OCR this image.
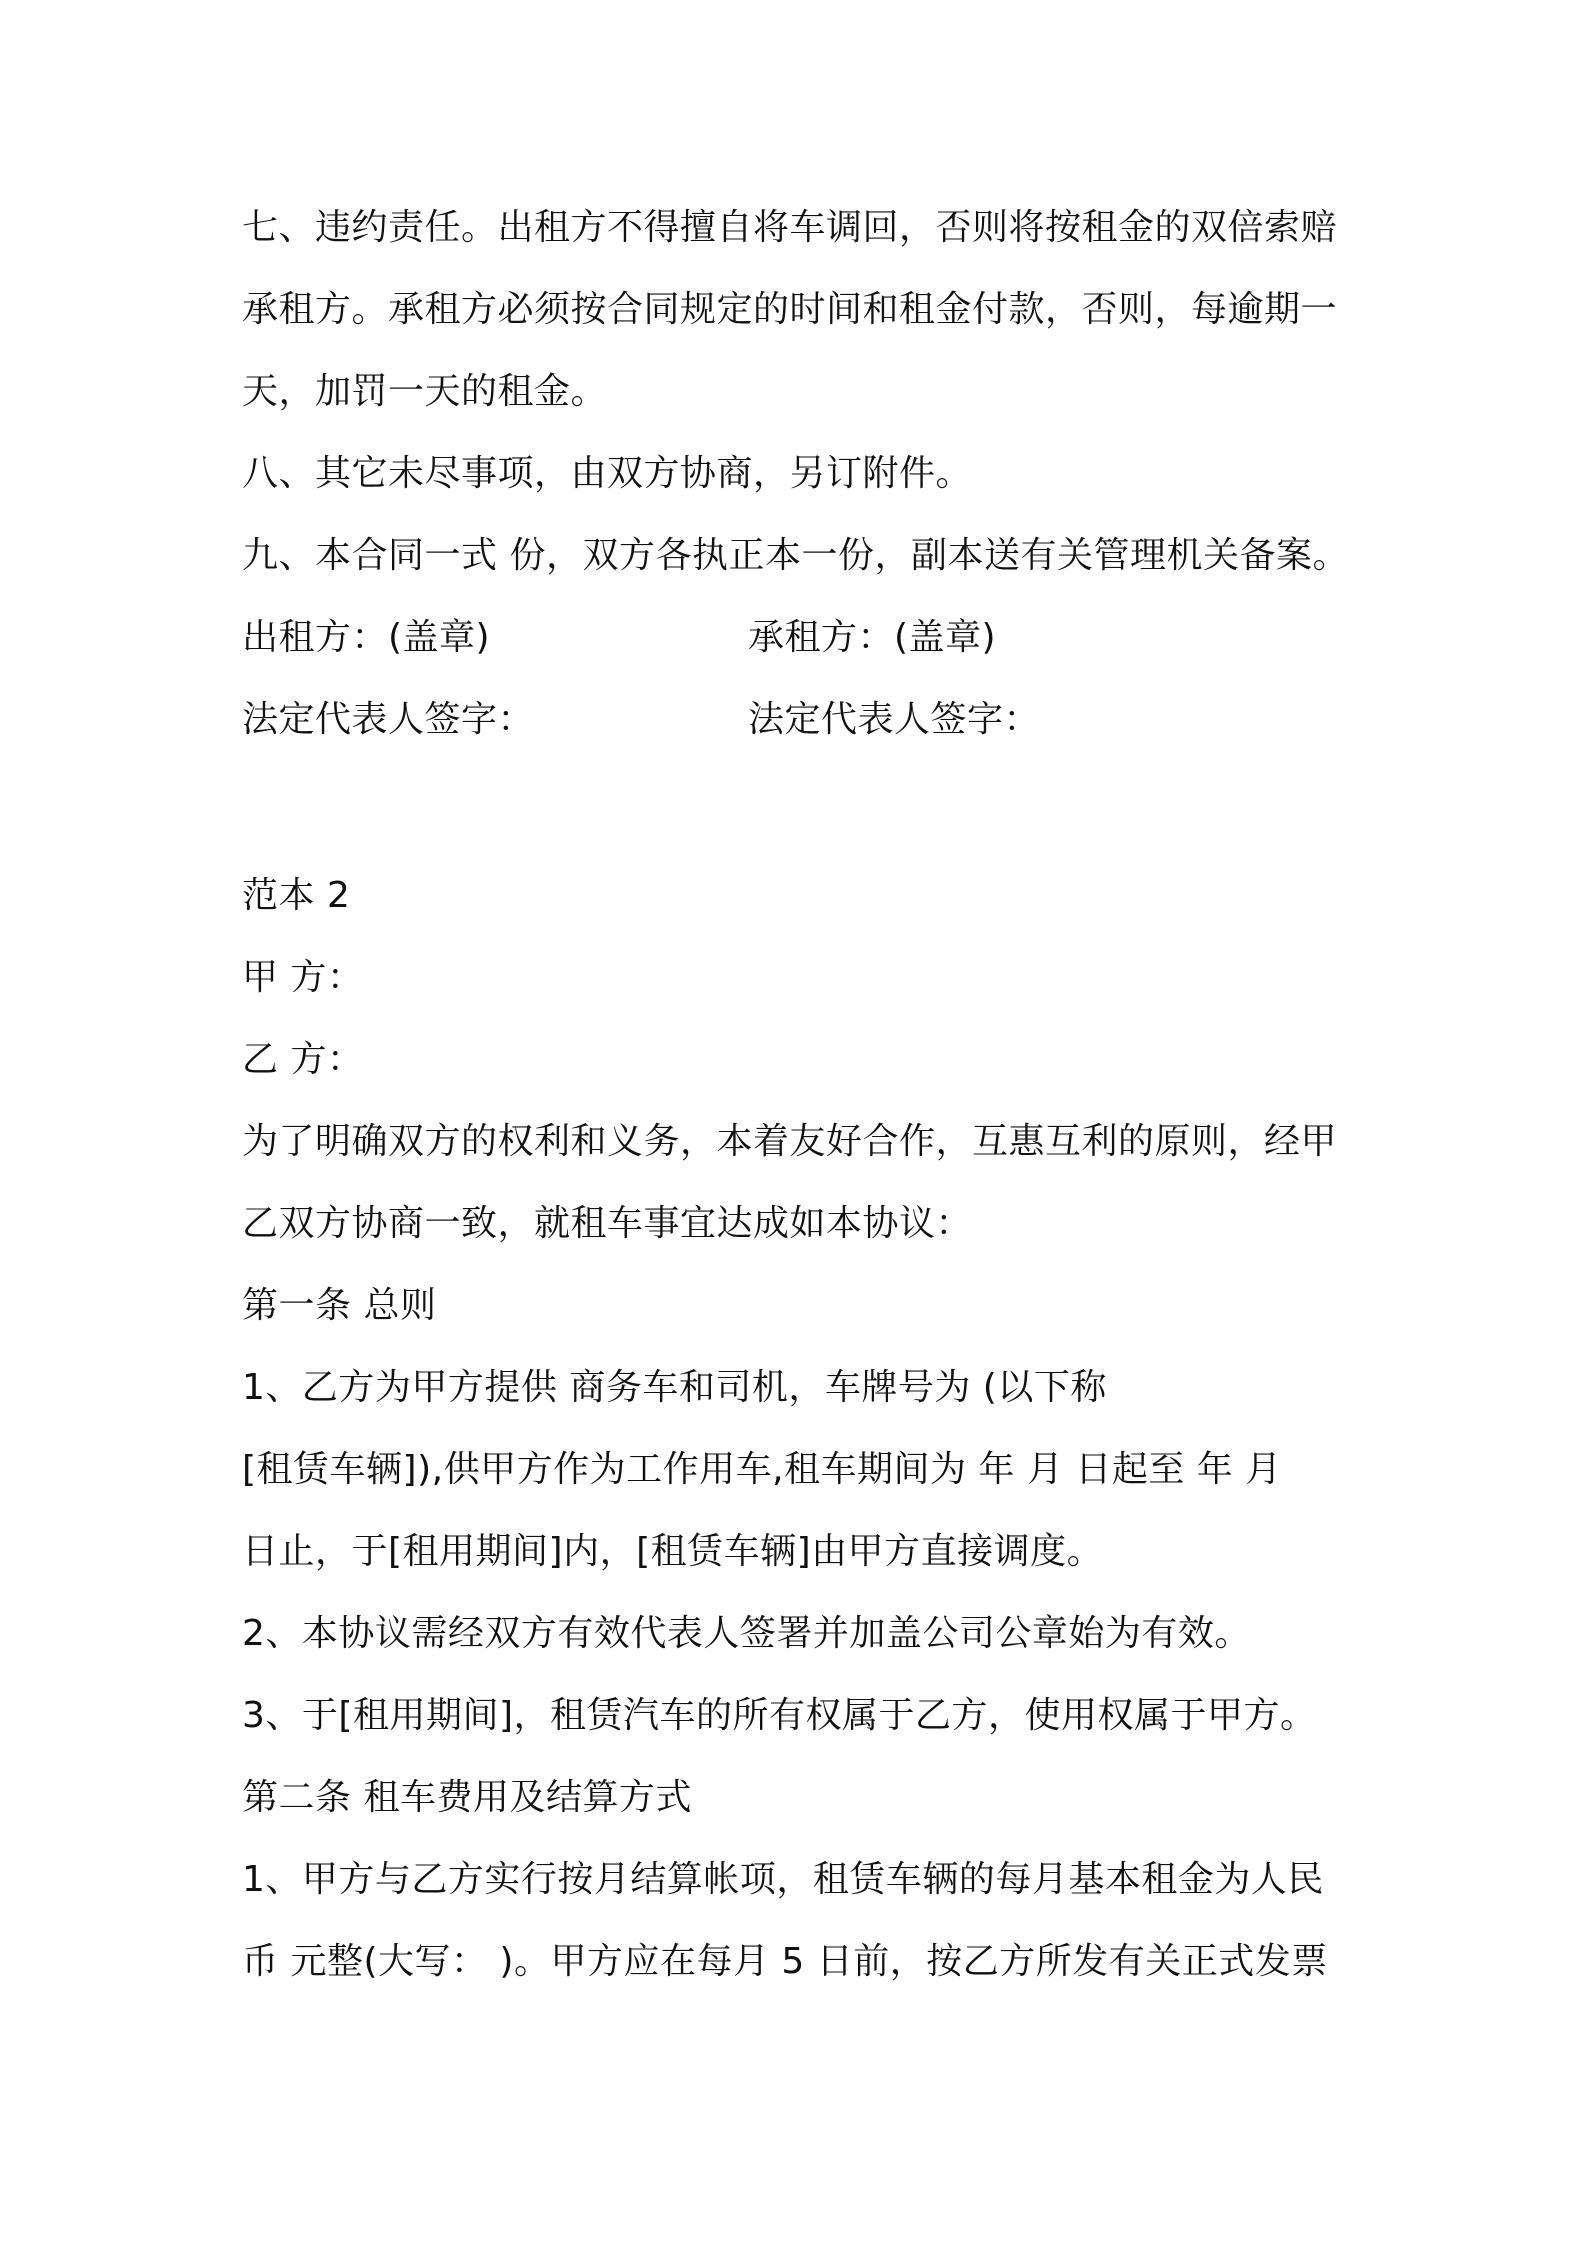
七、违约责任。出租方不得擅自将车调回，否则将按租金的双倍索赔
承租方。承租方必须按合同规定的时间和租金付款，否则，每逾期一
天，加罚一天的租金。
八、其它未尽事项，由双方协商，另订附件。
九、本合同一式 份，双方各执正本一份，副本送有关管理机关备案。
出租方：(盖章)	承租方：(盖章)
法定代表人签字：	法定代表人签字：
范本 2
甲 方：
乙 方：
为了明确双方的权利和义务，本着友好合作，互惠互利的原则，经甲
乙双方协商一致，就租车事宜达成如本协议：
第一条 总则
1、乙方为甲方提供 商务车和司机，车牌号为 (以下称
[租赁车辆]),供甲方作为工作用车,租车期间为 年 月 日起至 年 月
日止，于[租用期间]内，[租赁车辆]由甲方直接调度。
2、本协议需经双方有效代表人签署并加盖公司公章始为有效。
3、于[租用期间]，租赁汽车的所有权属于乙方，使用权属于甲方。
第二条 租车费用及结算方式
1、甲方与乙方实行按月结算帐项，租赁车辆的每月基本租金为人民
币 元整(大写： )。甲方应在每月 5 日前，按乙方所发有关正式发票
